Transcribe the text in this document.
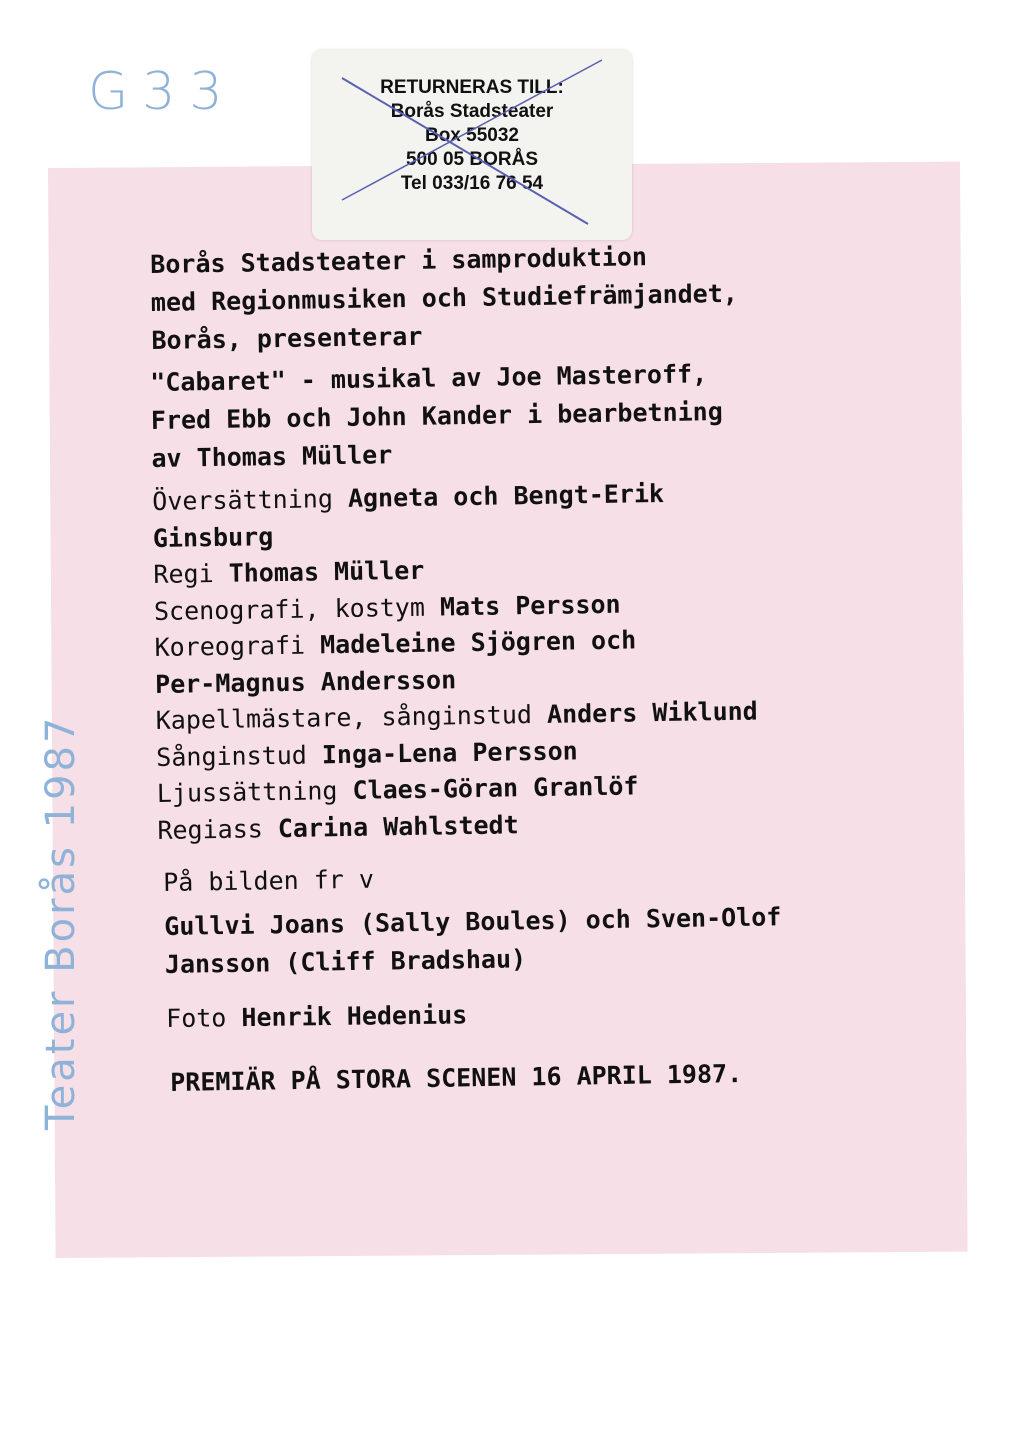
G33
Teater Borås 1987
RETURNERAS TILL:
Borås Stadsteater
Box 55032
500 05 BORÅS
Tel 033/16 76 54
Borås Stadsteater i samproduktion
med Regionmusiken och Studiefrämjandet,
Borås, presenterar
"Cabaret" - musikal av Joe Masteroff,
Fred Ebb och John Kander i bearbetning
av Thomas Müller
Översättning Agneta och Bengt-Erik
Ginsburg
Regi Thomas Müller
Scenografi, kostym Mats Persson
Koreografi Madeleine Sjögren och
Per-Magnus Andersson
Kapellmästare, sånginstud Anders Wiklund
Sånginstud Inga-Lena Persson
Ljussättning Claes-Göran Granlöf
Regiass Carina Wahlstedt
På bilden fr v
Gullvi Joans (Sally Boules) och Sven-Olof
Jansson (Cliff Bradshau)
Foto Henrik Hedenius
PREMIÄR PÅ STORA SCENEN 16 APRIL 1987.
